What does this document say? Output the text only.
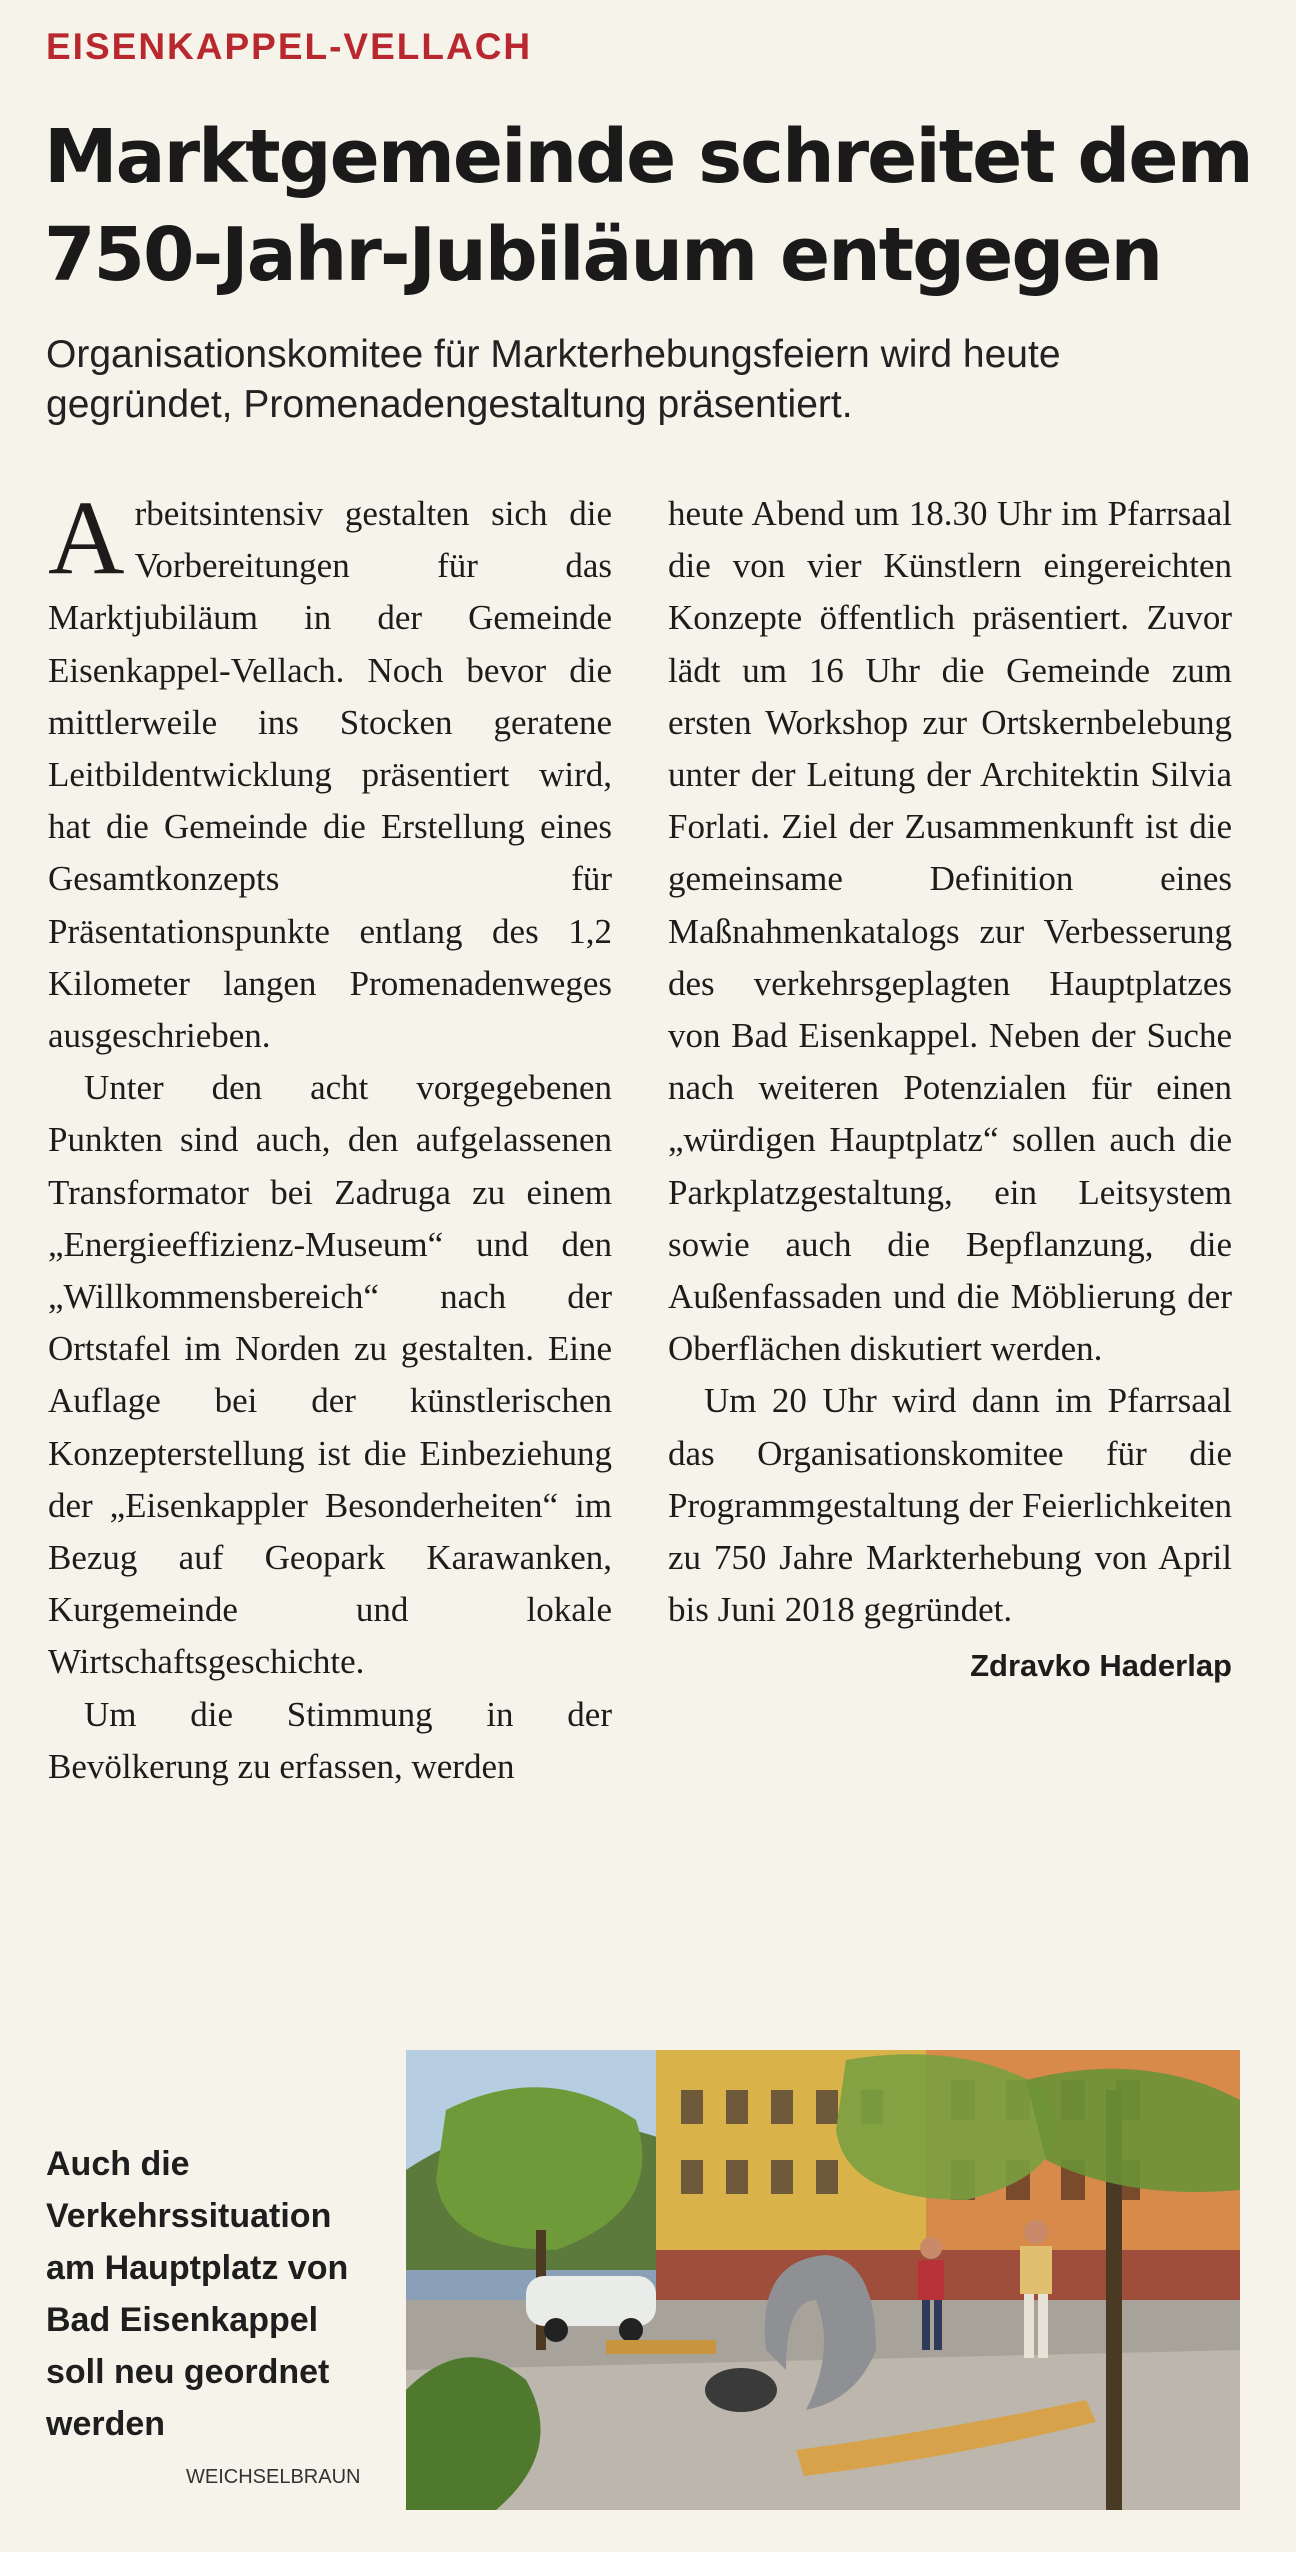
EISENKAPPEL-VELLACH
Marktgemeinde schreitet dem 750-Jahr-Jubiläum entgegen
Organisationskomitee für Markterhebungsfeiern wird heute gegründet, Promenadengestaltung präsentiert.

Arbeitsintensiv gestalten sich die Vorbereitungen für das Marktjubiläum in der Gemeinde Eisenkappel-Vellach. Noch bevor die mittlerweile ins Stocken geratene Leitbildentwicklung präsentiert wird, hat die Gemeinde die Erstellung eines Gesamtkonzepts für Präsentationspunkte entlang des 1,2 Kilometer langen Promenadenweges ausgeschrieben.

Unter den acht vorgegebenen Punkten sind auch, den aufgelassenen Transformator bei Zadruga zu einem „Energieeffizienz-Museum“ und den „Willkommensbereich“ nach der Ortstafel im Norden zu gestalten. Eine Auflage bei der künstlerischen Konzepterstellung ist die Einbeziehung der „Eisenkappler Besonderheiten“ im Bezug auf Geopark Karawanken, Kurgemeinde und lokale Wirtschaftsgeschichte.

Um die Stimmung in der Bevölkerung zu erfassen, werden

heute Abend um 18.30 Uhr im Pfarrsaal die von vier Künstlern eingereichten Konzepte öffentlich präsentiert. Zuvor lädt um 16 Uhr die Gemeinde zum ersten Workshop zur Ortskernbelebung unter der Leitung der Architektin Silvia Forlati. Ziel der Zusammenkunft ist die gemeinsame Definition eines Maßnahmenkatalogs zur Verbesserung des verkehrsgeplagten Hauptplatzes von Bad Eisenkappel. Neben der Suche nach weiteren Potenzialen für einen „würdigen Hauptplatz“ sollen auch die Parkplatzgestaltung, ein Leitsystem sowie auch die Bepflanzung, die Außenfassaden und die Möblierung der Oberflächen diskutiert werden.

Um 20 Uhr wird dann im Pfarrsaal das Organisationskomitee für die Programmgestaltung der Feierlichkeiten zu 750 Jahre Markterhebung von April bis Juni 2018 gegründet.

Zdravko Haderlap
Auch die Verkehrssituation am Hauptplatz von Bad Eisenkappel soll neu geordnet werden
WEICHSELBRAUN
